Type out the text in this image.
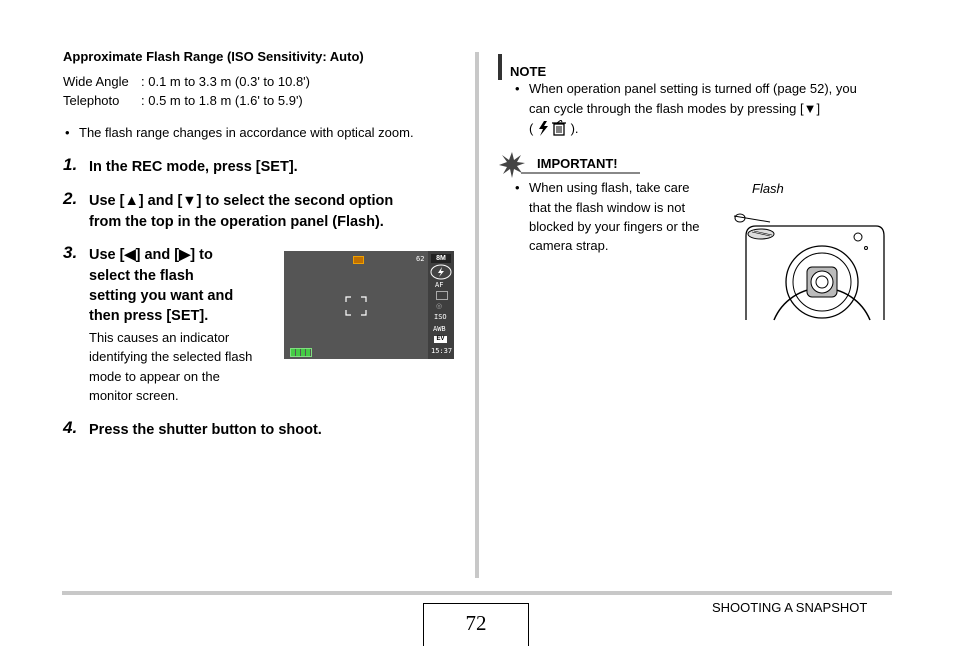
Approximate Flash Range (ISO Sensitivity: Auto)
Wide Angle : 0.1 m to 3.3 m (0.3' to 10.8')
Telephoto : 0.5 m to 1.8 m (1.6' to 5.9')
• The flash range changes in accordance with optical zoom.
1. In the REC mode, press [SET].
2. Use [▲] and [▼] to select the second option
from the top in the operation panel (Flash).
3. Use [◀] and [▶] to
select the flash
setting you want and
then press [SET].
This causes an indicator
identifying the selected flash
mode to appear on the
monitor screen.
62	8M
AF
◎
ISO
AWB
EV
15:37
4. Press the shutter button to shoot.
NOTE
• When operation panel setting is turned off (page 52), you
can cycle through the flash modes by pressing [▼]
(	).
IMPORTANT!
• When using flash, take care
that the flash window is not
blocked by your fingers or the
camera strap.
Flash
72
SHOOTING A SNAPSHOT
